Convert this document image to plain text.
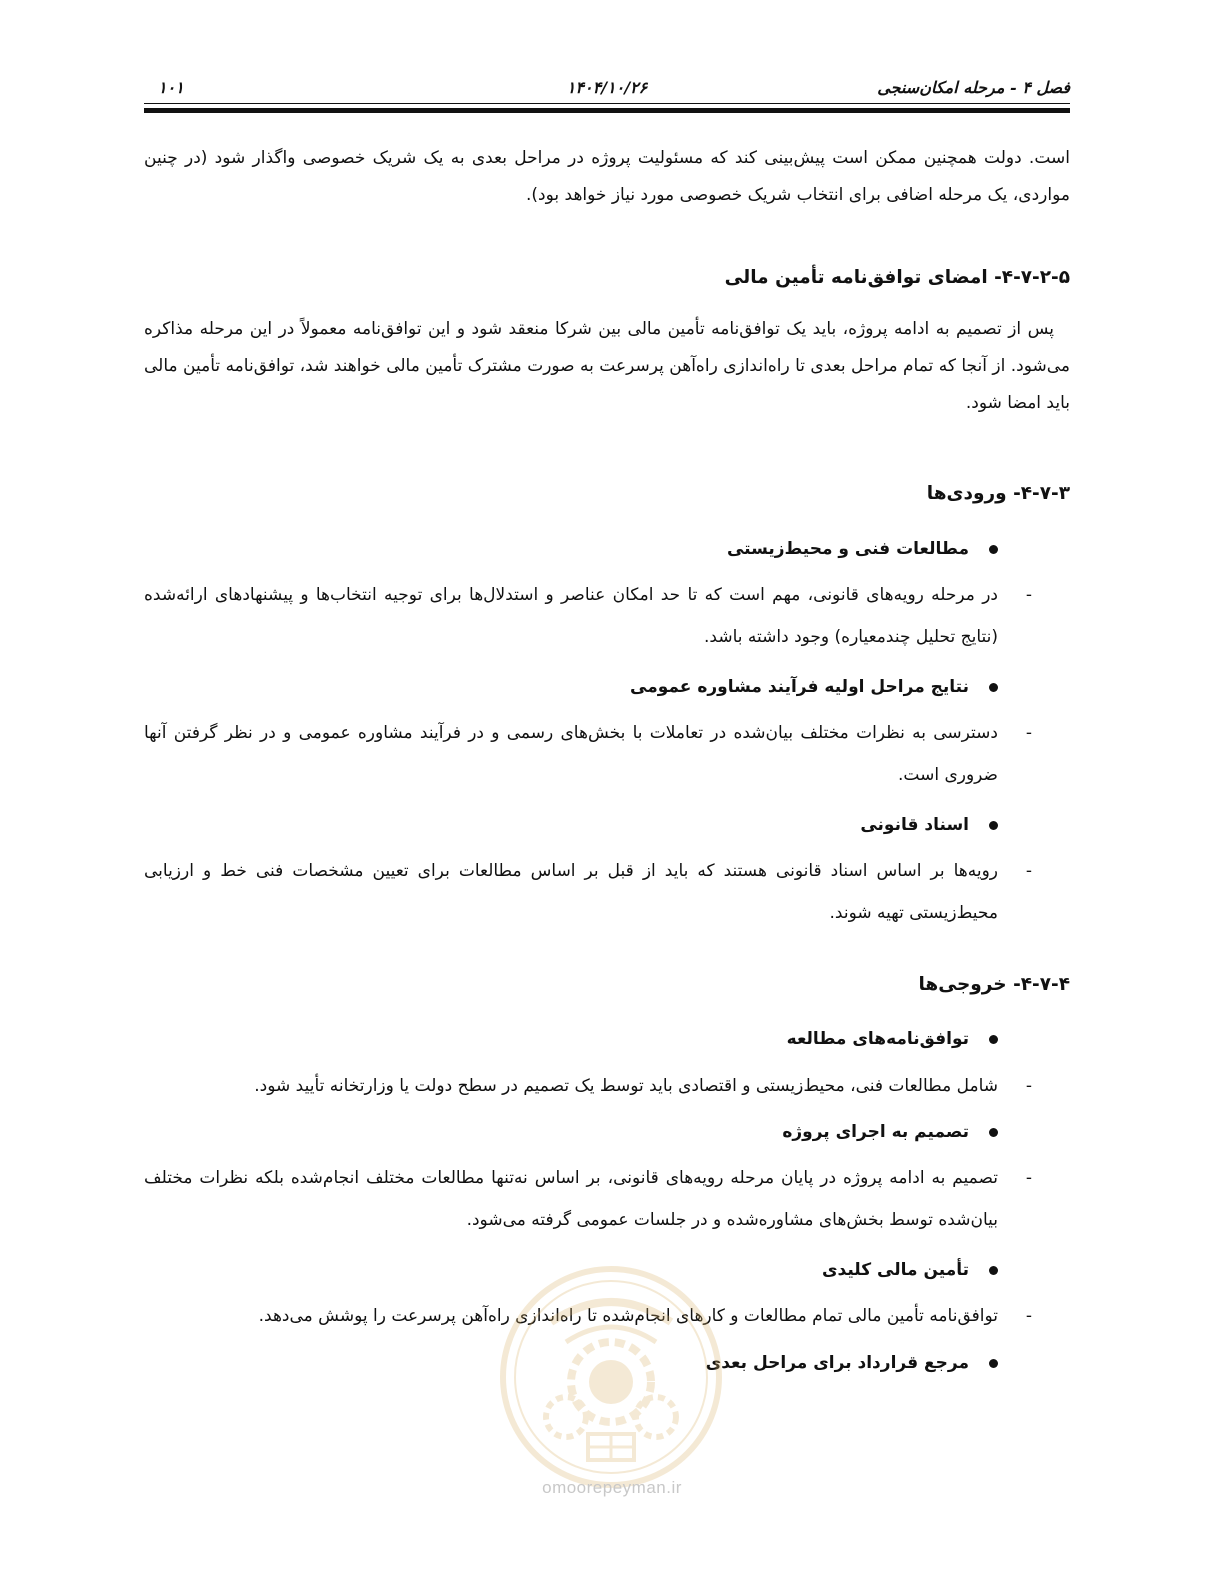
فصل ۴ - مرحله امکان‌سنجی
۱۴۰۴/۱۰/۲۶
۱۰۱

است. دولت همچنین ممکن است پیش‌بینی کند که مسئولیت پروژه در مراحل بعدی به یک شریک خصوصی واگذار شود (در چنین مواردی، یک مرحله اضافی برای انتخاب شریک خصوصی مورد نیاز خواهد بود).

۴-۷-۲-۵- امضای توافق‌نامه تأمین مالی

پس از تصمیم به ادامه پروژه، باید یک توافق‌نامه تأمین مالی بین شرکا منعقد شود و این توافق‌نامه معمولاً در این مرحله مذاکره می‌شود. از آنجا که تمام مراحل بعدی تا راه‌اندازی راه‌آهن پرسرعت به صورت مشترک تأمین مالی خواهند شد، توافق‌نامه تأمین مالی باید امضا شود.

۴-۷-۳- ورودی‌ها
مطالعات فنی و محیط‌زیستی
-
در مرحله رویه‌های قانونی، مهم است که تا حد امکان عناصر و استدلال‌ها برای توجیه انتخاب‌ها و پیشنهادهای ارائه‌شده (نتایج تحلیل چندمعیاره) وجود داشته باشد.
نتایج مراحل اولیه فرآیند مشاوره عمومی
-
دسترسی به نظرات مختلف بیان‌شده در تعاملات با بخش‌های رسمی و در فرآیند مشاوره عمومی و در نظر گرفتن آنها ضروری است.
اسناد قانونی
-
رویه‌ها بر اساس اسناد قانونی هستند که باید از قبل بر اساس مطالعات برای تعیین مشخصات فنی خط و ارزیابی محیط‌زیستی تهیه شوند.
۴-۷-۴- خروجی‌ها
توافق‌نامه‌های مطالعه
-
شامل مطالعات فنی، محیط‌زیستی و اقتصادی باید توسط یک تصمیم در سطح دولت یا وزارتخانه تأیید شود.
تصمیم به اجرای پروژه
-
تصمیم به ادامه پروژه در پایان مرحله رویه‌های قانونی، بر اساس نه‌تنها مطالعات مختلف انجام‌شده بلکه نظرات مختلف بیان‌شده توسط بخش‌های مشاوره‌شده و در جلسات عمومی گرفته می‌شود.
تأمین مالی کلیدی
-
توافق‌نامه تأمین مالی تمام مطالعات و کارهای انجام‌شده تا راه‌اندازی راه‌آهن پرسرعت را پوشش می‌دهد.
مرجع قرارداد برای مراحل بعدی
omoorepeyman.ir
